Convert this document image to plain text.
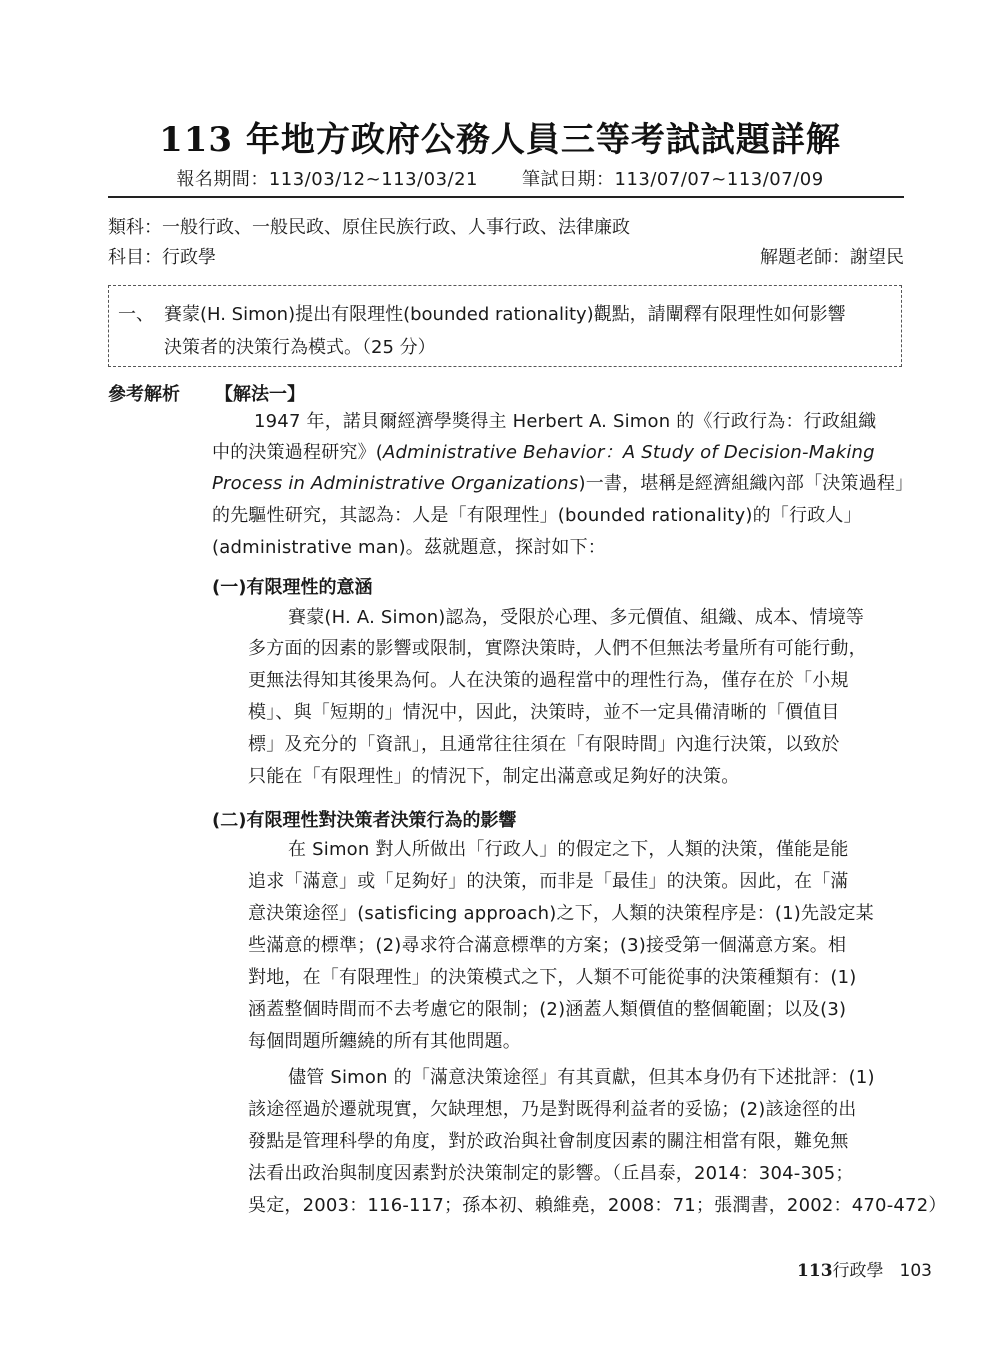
113 年地方政府公務人員三等考試試題詳解
報名期間：113/03/12~113/03/21 筆試日期：113/07/07~113/07/09
類科：一般行政、一般民政、原住民族行政、人事行政、法律廉政
科目：行政學	解題老師：謝望民
一、 賽蒙(H. Simon)提出有限理性(bounded rationality)觀點，請闡釋有限理性如何影響
決策者的決策行為模式。（25 分）
參考解析 【解法一】
1947 年，諾貝爾經濟學獎得主 Herbert A. Simon 的《行政行為：行政組織
中的決策過程研究》(Administrative Behavior：A Study of Decision-Making
Process in Administrative Organizations)一書，堪稱是經濟組織內部「決策過程」
的先驅性研究，其認為：人是「有限理性」(bounded rationality)的「行政人」
(administrative man)。茲就題意，探討如下：
(一)有限理性的意涵
賽蒙(H. A. Simon)認為，受限於心理、多元價值、組織、成本、情境等
多方面的因素的影響或限制，實際決策時，人們不但無法考量所有可能行動，
更無法得知其後果為何。人在決策的過程當中的理性行為，僅存在於「小規
模」、與「短期的」情況中，因此，決策時，並不一定具備清晰的「價值目
標」及充分的「資訊」，且通常往往須在「有限時間」內進行決策，以致於
只能在「有限理性」的情況下，制定出滿意或足夠好的決策。
(二)有限理性對決策者決策行為的影響
在 Simon 對人所做出「行政人」的假定之下，人類的決策，僅能是能
追求「滿意」或「足夠好」的決策，而非是「最佳」的決策。因此，在「滿
意決策途徑」(satisficing approach)之下，人類的決策程序是：(1)先設定某
些滿意的標準；(2)尋求符合滿意標準的方案；(3)接受第一個滿意方案。相
對地，在「有限理性」的決策模式之下，人類不可能從事的決策種類有：(1)
涵蓋整個時間而不去考慮它的限制；(2)涵蓋人類價值的整個範圍；以及(3)
每個問題所纏繞的所有其他問題。
儘管 Simon 的「滿意決策途徑」有其貢獻，但其本身仍有下述批評：(1)
該途徑過於遷就現實，欠缺理想，乃是對既得利益者的妥協；(2)該途徑的出
發點是管理科學的角度，對於政治與社會制度因素的關注相當有限，難免無
法看出政治與制度因素對於決策制定的影響。（丘昌泰，2014：304-305；
吳定，2003：116-117；孫本初、賴維堯，2008：71；張潤書，2002：470-472）
113行政學 103
